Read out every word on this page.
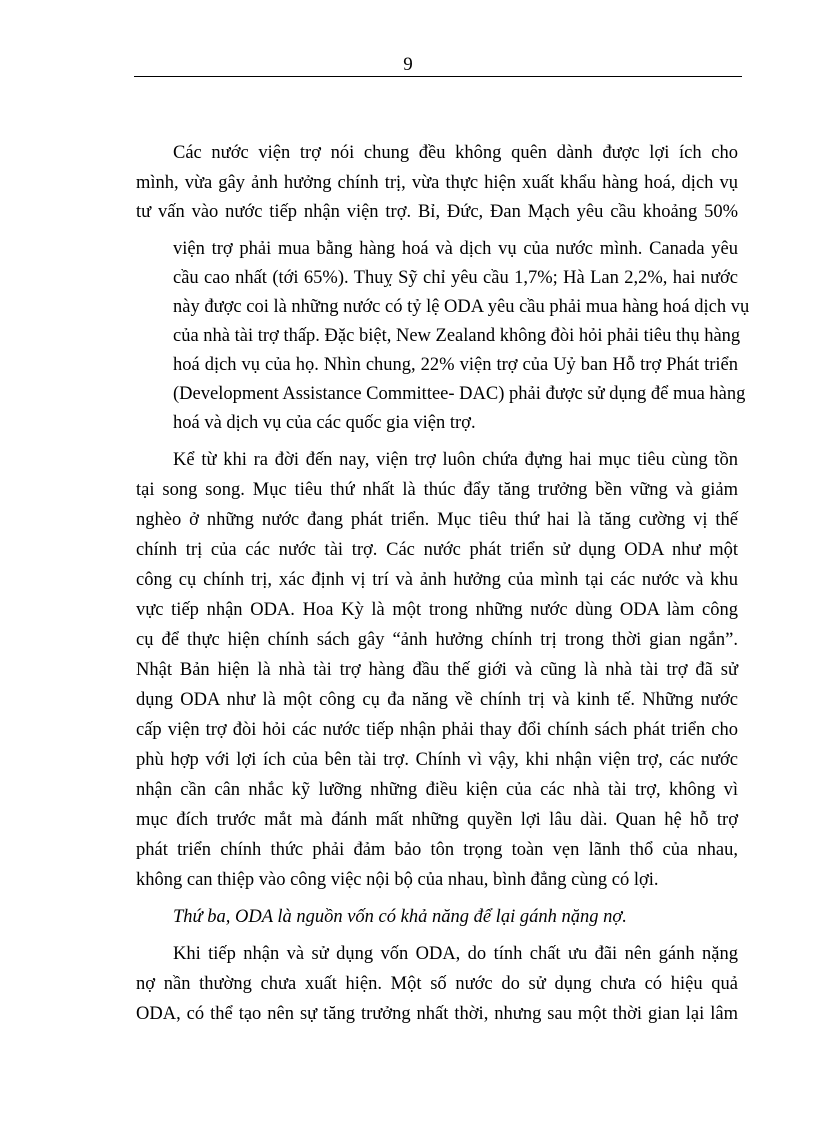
9
Các nước viện trợ nói chung đều không quên dành được lợi ích cho
mình, vừa gây ảnh hưởng chính trị, vừa thực hiện xuất khẩu hàng hoá, dịch vụ
tư vấn vào nước tiếp nhận viện trợ. Bỉ, Đức, Đan Mạch yêu cầu khoảng 50%
viện trợ phải mua bằng hàng hoá và dịch vụ của nước mình. Canada yêu
cầu cao nhất (tới 65%). Thuỵ Sỹ chỉ yêu cầu 1,7%; Hà Lan 2,2%, hai nước
này được coi là những nước có tỷ lệ ODA yêu cầu phải mua hàng hoá dịch vụ
của nhà tài trợ thấp. Đặc biệt, New Zealand không đòi hỏi phải tiêu thụ hàng
hoá dịch vụ của họ. Nhìn chung, 22% viện trợ của Uỷ ban Hỗ trợ Phát triển
(Development Assistance Committee- DAC) phải được sử dụng để mua hàng
hoá và dịch vụ của các quốc gia viện trợ.
Kể từ khi ra đời đến nay, viện trợ luôn chứa đựng hai mục tiêu cùng tồn
tại song song. Mục tiêu thứ nhất là thúc đẩy tăng trưởng bền vững và giảm
nghèo ở những nước đang phát triển. Mục tiêu thứ hai là tăng cường vị thế
chính trị của các nước tài trợ. Các nước phát triển sử dụng ODA như một
công cụ chính trị, xác định vị trí và ảnh hưởng của mình tại các nước và khu
vực tiếp nhận ODA. Hoa Kỳ là một trong những nước dùng ODA làm công
cụ để thực hiện chính sách gây “ảnh hưởng chính trị trong thời gian ngắn”.
Nhật Bản hiện là nhà tài trợ hàng đầu thế giới và cũng là nhà tài trợ đã sử
dụng ODA như là một công cụ đa năng về chính trị và kinh tế. Những nước
cấp viện trợ đòi hỏi các nước tiếp nhận phải thay đổi chính sách phát triển cho
phù hợp với lợi ích của bên tài trợ. Chính vì vậy, khi nhận viện trợ, các nước
nhận cần cân nhắc kỹ lưỡng những điều kiện của các nhà tài trợ, không vì
mục đích trước mắt mà đánh mất những quyền lợi lâu dài. Quan hệ hỗ trợ
phát triển chính thức phải đảm bảo tôn trọng toàn vẹn lãnh thổ của nhau,
không can thiệp vào công việc nội bộ của nhau, bình đẳng cùng có lợi.
Thứ ba, ODA là nguồn vốn có khả năng để lại gánh nặng nợ.
Khi tiếp nhận và sử dụng vốn ODA, do tính chất ưu đãi nên gánh nặng
nợ nần thường chưa xuất hiện. Một số nước do sử dụng chưa có hiệu quả
ODA, có thể tạo nên sự tăng trưởng nhất thời, nhưng sau một thời gian lại lâm
